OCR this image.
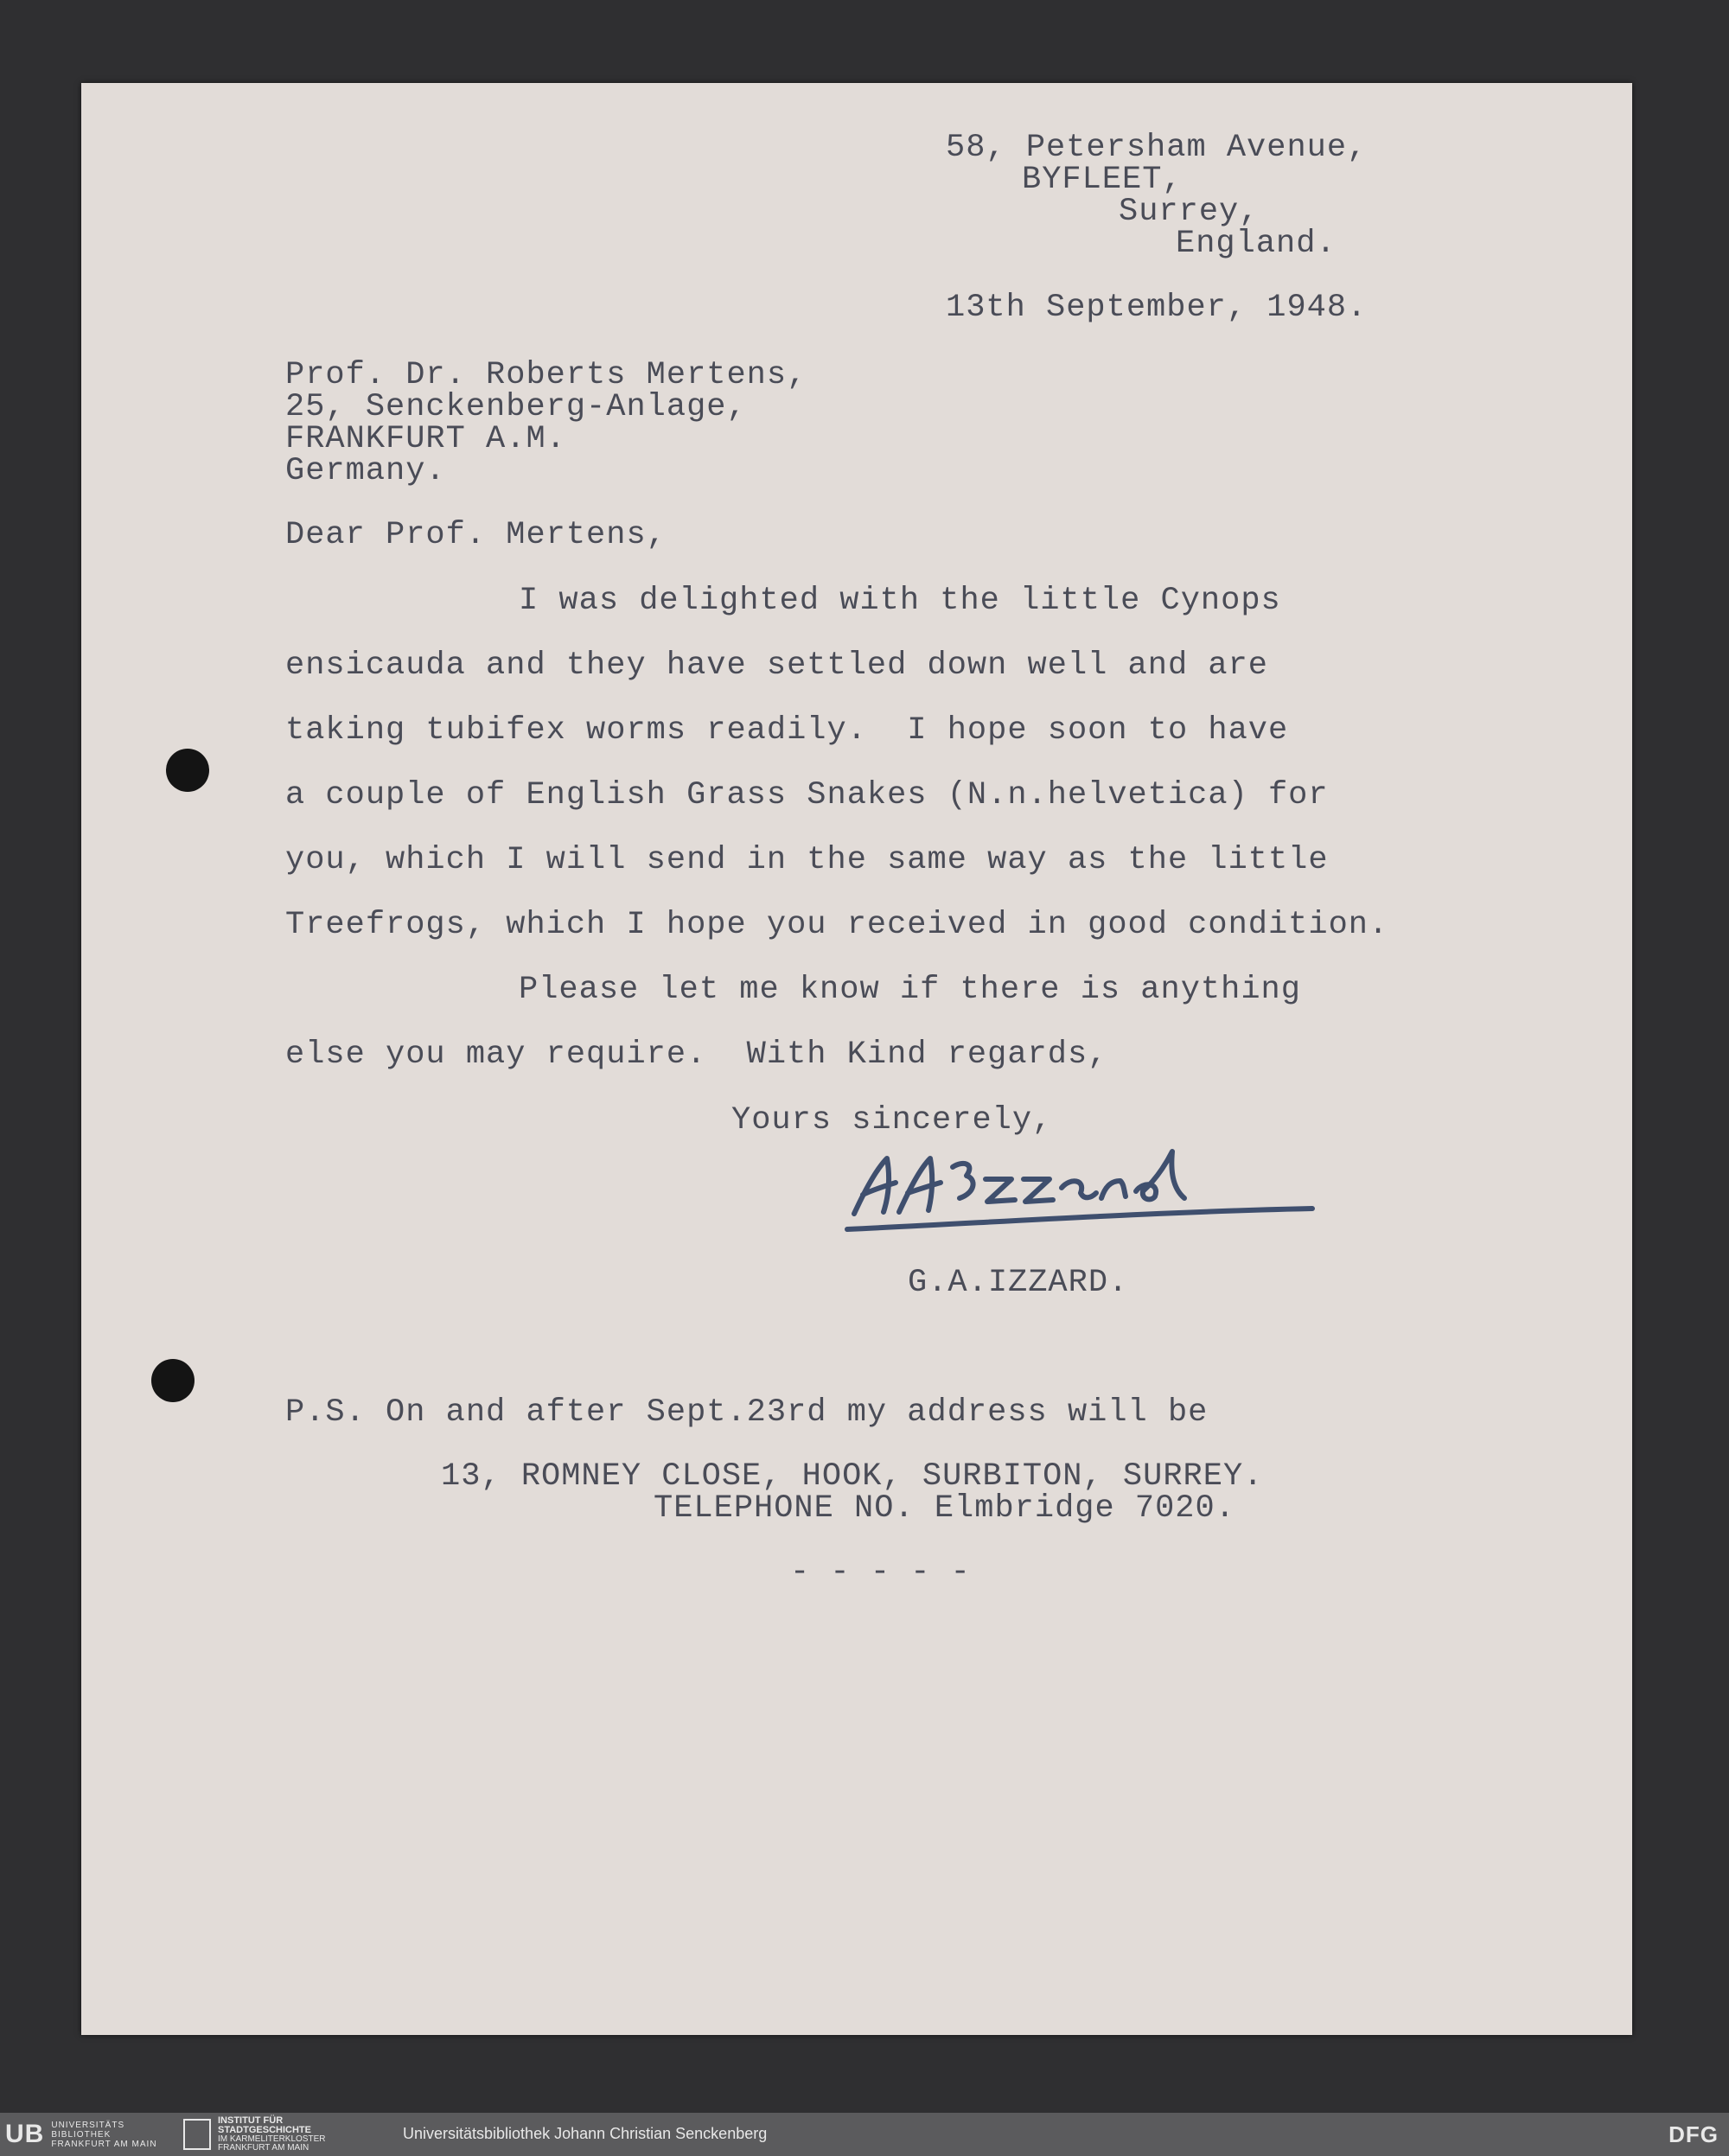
58, Petersham Avenue,
BYFLEET,
Surrey,
England.
13th September, 1948.
Prof. Dr. Roberts Mertens,
25, Senckenberg-Anlage,
FRANKFURT A.M.
Germany.
Dear Prof. Mertens,
I was delighted with the little Cynops
ensicauda and they have settled down well and are
taking tubifex worms readily.  I hope soon to have
a couple of English Grass Snakes (N.n.helvetica) for
you, which I will send in the same way as the little
Treefrogs, which I hope you received in good condition.
Please let me know if there is anything
else you may require.  With Kind regards,
Yours sincerely,
G.A.IZZARD.
P.S. On and after Sept.23rd my address will be
13, ROMNEY CLOSE, HOOK, SURBITON, SURREY.
TELEPHONE NO. Elmbridge 7020.
- - - - -
UB UNIVERSITÄTS
BIBLIOTHEK
FRANKFURT AM MAIN
INSTITUT FÜR
STADTGESCHICHTE
IM KARMELITERKLOSTER
FRANKFURT AM MAIN
Universitätsbibliothek Johann Christian Senckenberg	DFG
